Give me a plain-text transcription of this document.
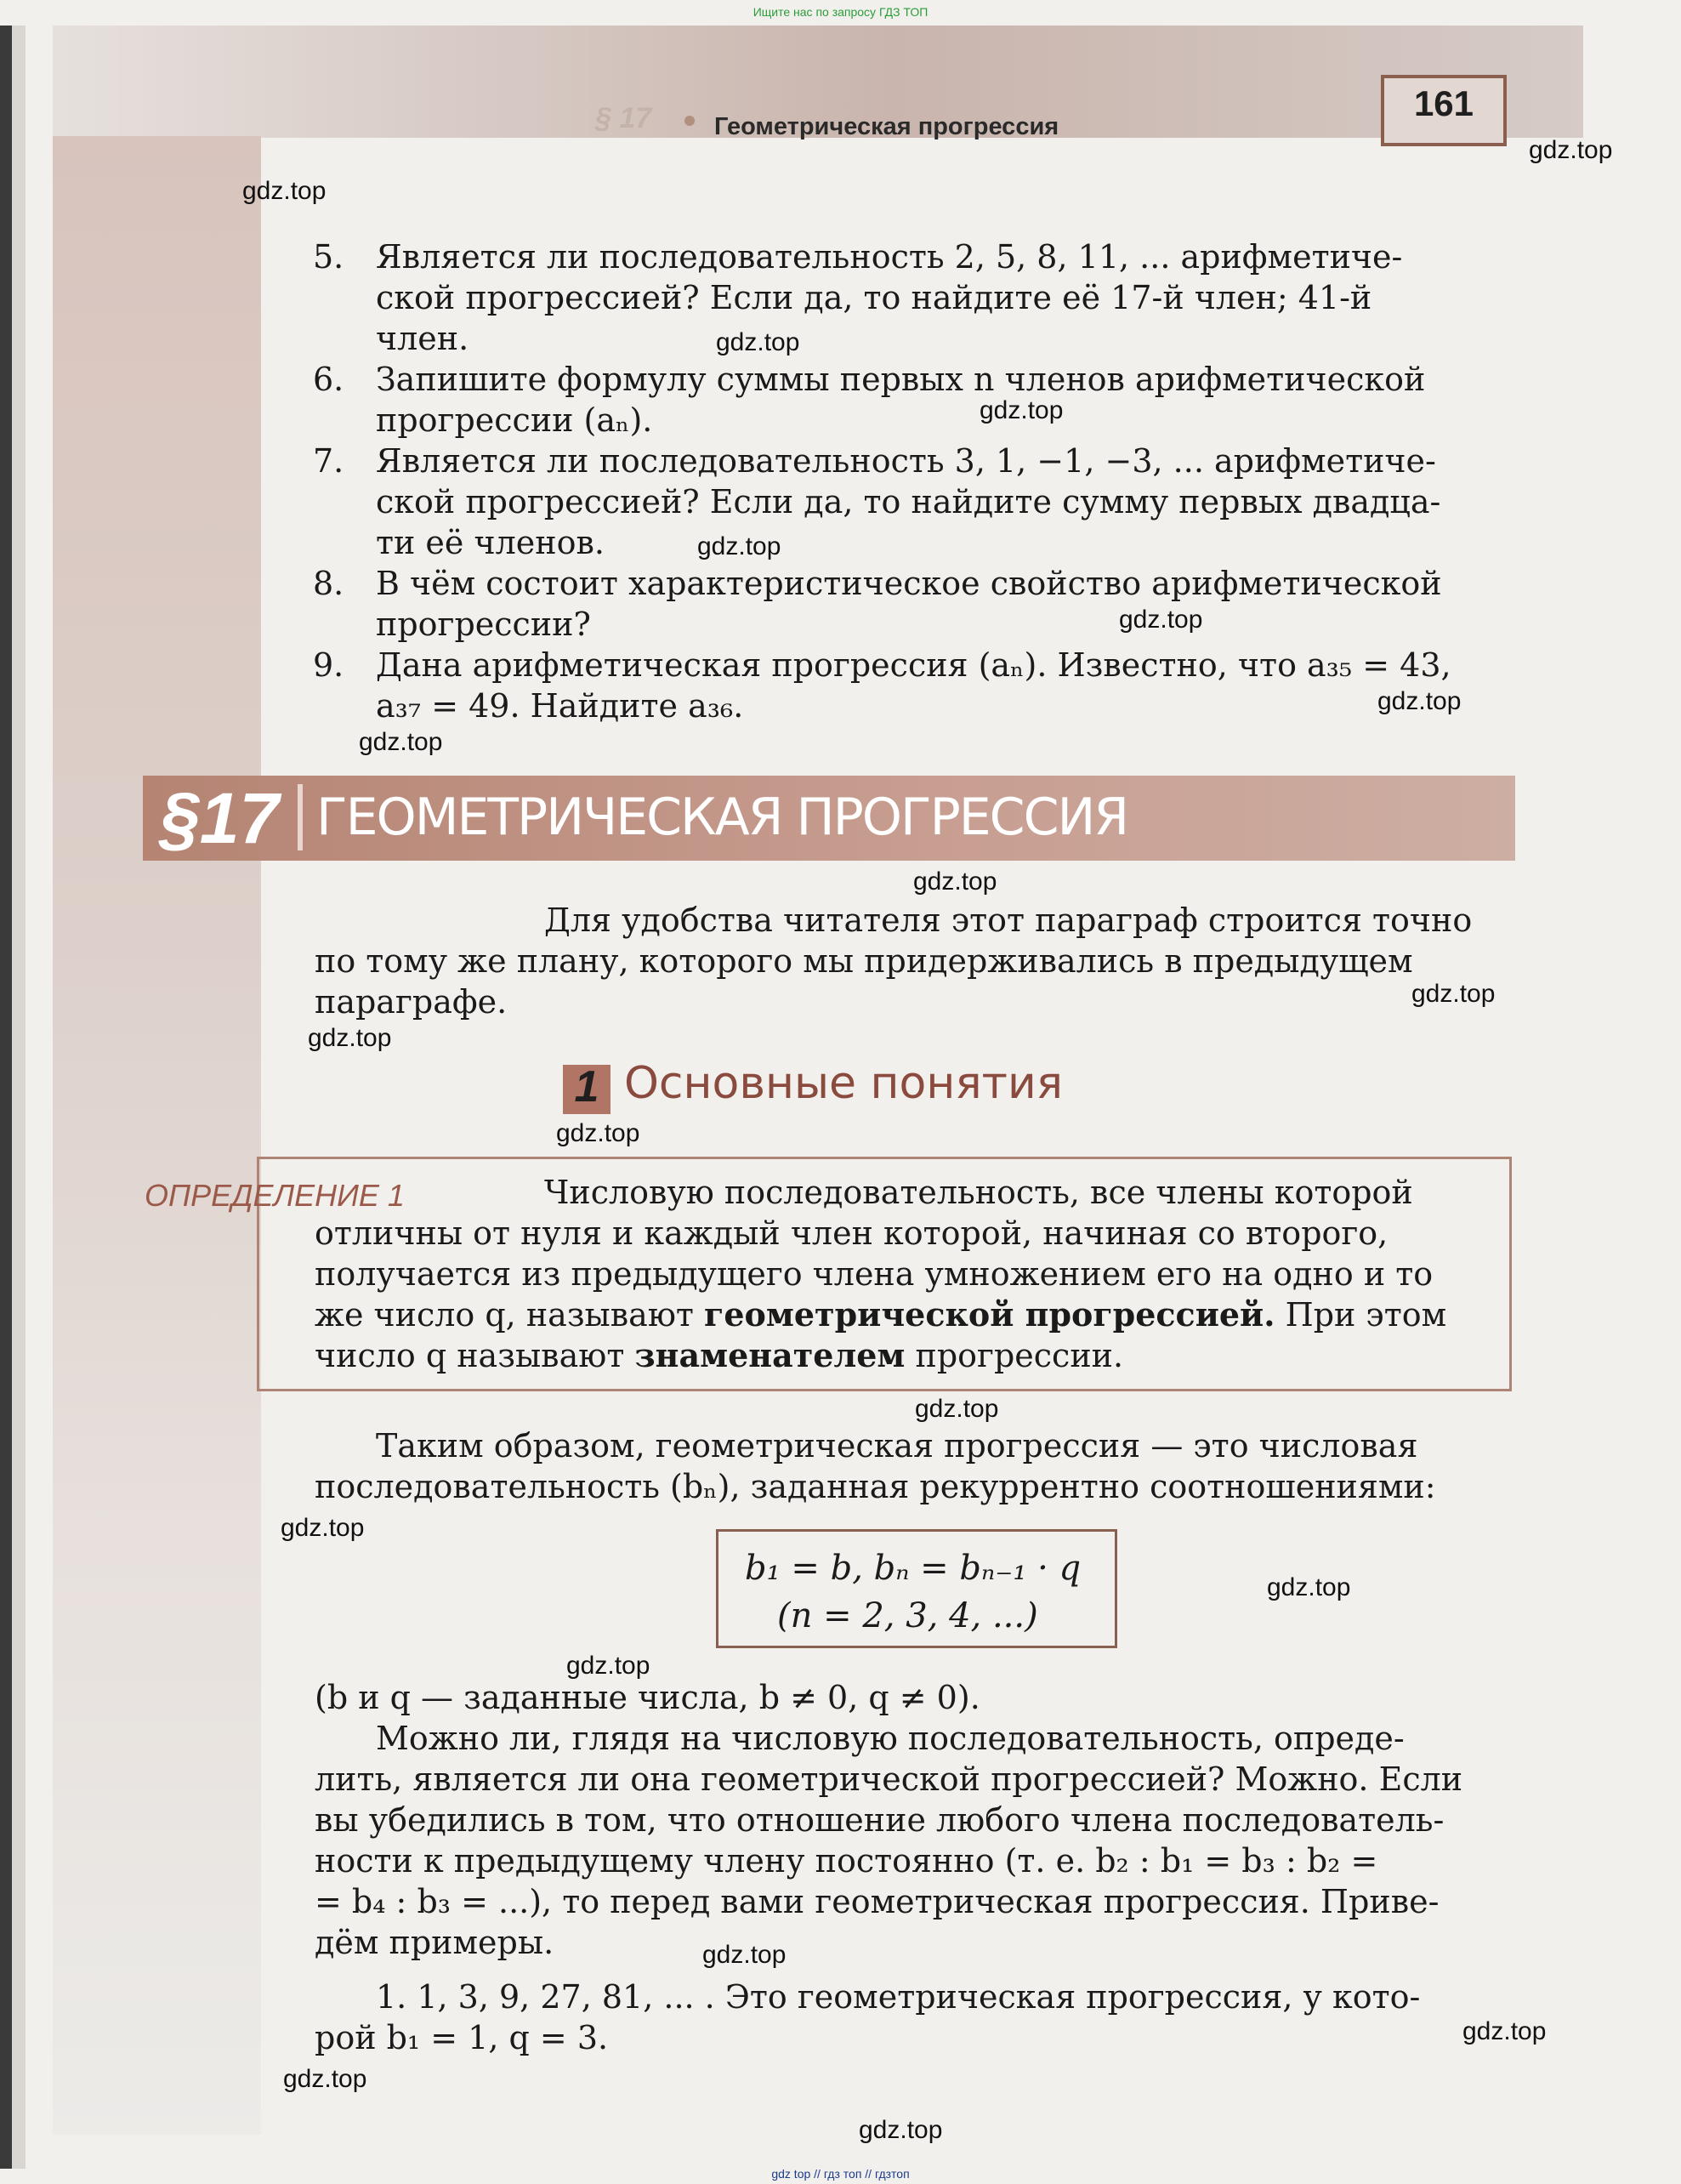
Ищите нас по запросу ГДЗ ТОП
§ 17	Геометрическая прогрессия
161
gdz.top
gdz.top
gdz.top
gdz.top
gdz.top
gdz.top
gdz.top
gdz.top
gdz.top
gdz.top
gdz.top
gdz.top
gdz.top
gdz.top
gdz.top
gdz.top
gdz.top
gdz.top
gdz.top
gdz.top
5. Является ли последовательность 2, 5, 8, 11, ... арифметиче-
ской прогрессией? Если да, то найдите её 17-й член; 41-й
член.
6. Запишите формулу суммы первых n членов арифметической
прогрессии (aₙ).
7. Является ли последовательность 3, 1, −1, −3, ... арифметиче-
ской прогрессией? Если да, то найдите сумму первых двадца-
ти её членов.
8. В чём состоит характеристическое свойство арифметической
прогрессии?
9. Дана арифметическая прогрессия (aₙ). Известно, что a₃₅ = 43,
a₃₇ = 49. Найдите a₃₆.
§17 ГЕОМЕТРИЧЕСКАЯ ПРОГРЕССИЯ
Для удобства читателя этот параграф строится точно
по тому же плану, которого мы придерживались в предыдущем
параграфе.
1 Основные понятия
ОПРЕДЕЛЕНИЕ 1	Числовую последовательность, все члены которой
отличны от нуля и каждый член которой, начиная со второго,
получается из предыдущего члена умножением его на одно и то
же число q, называют геометрической прогрессией. При этом
число q называют знаменателем прогрессии.
Таким образом, геометрическая прогрессия — это числовая
последовательность (bₙ), заданная рекуррентно соотношениями:
b₁ = b, bₙ = bₙ₋₁ · q
(n = 2, 3, 4, ...)
(b и q — заданные числа, b ≠ 0, q ≠ 0).
Можно ли, глядя на числовую последовательность, опреде-
лить, является ли она геометрической прогрессией? Можно. Если
вы убедились в том, что отношение любого члена последователь-
ности к предыдущему члену постоянно (т. е. b₂ : b₁ = b₃ : b₂ =
= b₄ : b₃ = ...), то перед вами геометрическая прогрессия. Приве-
дём примеры.
1. 1, 3, 9, 27, 81, ... . Это геометрическая прогрессия, у кото-
рой b₁ = 1, q = 3.
gdz top // гдз топ // гдзтоп
